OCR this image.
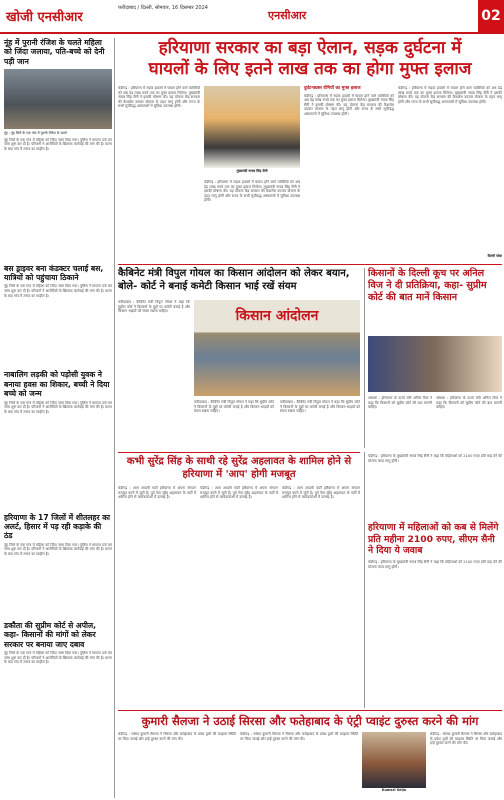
खोजी एनसीआर
फरीदाबाद / दिल्ली, सोमवार, 16 दिसम्बर 2024
एनसीआर	02
नूंह में पुरानी रंजिश के चलते महिला को जिंदा जलाया, पति-बच्चे को देनी पड़ी जान
नूंह : नूंह जिले के एक गांव में पुरानी रंजिश के चलते
नूंह जिले के एक गांव में महिला को जिंदा जला दिया गया। पुलिस ने मामला दर्ज कर जांच शुरू कर दी है। परिजनों ने आरोपियों के खिलाफ कार्रवाई की मांग की है। घटना के बाद गांव में तनाव का माहौल है।
बस ड्राइवर बना कंडक्टर चलाई बस, यात्रियों को पहुंचाया ठिकाने
नूंह जिले के एक गांव में महिला को जिंदा जला दिया गया। पुलिस ने मामला दर्ज कर जांच शुरू कर दी है। परिजनों ने आरोपियों के खिलाफ कार्रवाई की मांग की है। घटना के बाद गांव में तनाव का माहौल है।
नाबालिग लड़की को पड़ोसी युवक ने बनाया हवस का शिकार, बच्ची ने दिया बच्चे को जन्म
नूंह जिले के एक गांव में महिला को जिंदा जला दिया गया। पुलिस ने मामला दर्ज कर जांच शुरू कर दी है। परिजनों ने आरोपियों के खिलाफ कार्रवाई की मांग की है। घटना के बाद गांव में तनाव का माहौल है।
हरियाणा के 17 जिलों में शीतलहर का अलर्ट, हिसार में पड़ रही कड़ाके की ठंड
नूंह जिले के एक गांव में महिला को जिंदा जला दिया गया। पुलिस ने मामला दर्ज कर जांच शुरू कर दी है। परिजनों ने आरोपियों के खिलाफ कार्रवाई की मांग की है। घटना के बाद गांव में तनाव का माहौल है।
डकौता की सुप्रीम कोर्ट से अपील, कहा- किसानों की मांगों को लेकर सरकार पर बनाया जाए दबाव
नूंह जिले के एक गांव में महिला को जिंदा जला दिया गया। पुलिस ने मामला दर्ज कर जांच शुरू कर दी है। परिजनों ने आरोपियों के खिलाफ कार्रवाई की मांग की है। घटना के बाद गांव में तनाव का माहौल है।
हरियाणा सरकार का बड़ा ऐलान, सड़क दुर्घटना में
घायलों के लिए इतने लाख तक का होगा मुफ्त इलाज
चंडीगढ़ : हरियाणा में सड़क हादसों में घायल होने वाले व्यक्तियों को अब डेढ़ लाख रुपये तक का मुफ्त इलाज मिलेगा। मुख्यमंत्री नायब सिंह सैनी ने इसकी घोषणा की। यह योजना केंद्र सरकार की कैशलेस उपचार योजना के तहत लागू होगी और राज्य के सभी सूचीबद्ध अस्पतालों में सुविधा उपलब्ध होगी।
मुख्यमंत्री नायब सिंह सैनी
चंडीगढ़ : हरियाणा में सड़क हादसों में घायल होने वाले व्यक्तियों को अब डेढ़ लाख रुपये तक का मुफ्त इलाज मिलेगा। मुख्यमंत्री नायब सिंह सैनी ने इसकी घोषणा की। यह योजना केंद्र सरकार की कैशलेस उपचार योजना के तहत लागू होगी और राज्य के सभी सूचीबद्ध अस्पतालों में सुविधा उपलब्ध होगी।
दुर्घटनाग्रस्त रोगियों का मुफ्त इलाज
चंडीगढ़ : हरियाणा में सड़क हादसों में घायल होने वाले व्यक्तियों को अब डेढ़ लाख रुपये तक का मुफ्त इलाज मिलेगा। मुख्यमंत्री नायब सिंह सैनी ने इसकी घोषणा की। यह योजना केंद्र सरकार की कैशलेस उपचार योजना के तहत लागू होगी और राज्य के सभी सूचीबद्ध अस्पतालों में सुविधा उपलब्ध होगी।
चंडीगढ़ : हरियाणा में सड़क हादसों में घायल होने वाले व्यक्तियों को अब डेढ़ लाख रुपये तक का मुफ्त इलाज मिलेगा। मुख्यमंत्री नायब सिंह सैनी ने इसकी घोषणा की। यह योजना केंद्र सरकार की कैशलेस उपचार योजना के तहत लागू होगी और राज्य के सभी सूचीबद्ध अस्पतालों में सुविधा उपलब्ध होगी।
दिल्ली पोस्ट
कैबिनेट मंत्री विपुल गोयल का किसान आंदोलन को लेकर बयान, बोले- कोर्ट ने बनाई कमेटी किसान भाई रखें संयम
फरीदाबाद : कैबिनेट मंत्री विपुल गोयल ने कहा कि सुप्रीम कोर्ट ने किसानों के मुद्दों पर कमेटी बनाई है और किसान भाइयों को संयम रखना चाहिए।	किसान आंदोलन
फरीदाबाद : कैबिनेट मंत्री विपुल गोयल ने कहा कि सुप्रीम कोर्ट ने किसानों के मुद्दों पर कमेटी बनाई है और किसान भाइयों को संयम रखना चाहिए।
फरीदाबाद : कैबिनेट मंत्री विपुल गोयल ने कहा कि सुप्रीम कोर्ट ने किसानों के मुद्दों पर कमेटी बनाई है और किसान भाइयों को संयम रखना चाहिए।
किसानों के दिल्ली कूच पर अनिल विज ने दी प्रतिक्रिया, कहा- सुप्रीम कोर्ट की बात मानें किसान
अंबाला : हरियाणा के ऊर्जा मंत्री अनिल विज ने कहा कि किसानों को सुप्रीम कोर्ट की बात माननी चाहिए।
अंबाला : हरियाणा के ऊर्जा मंत्री अनिल विज ने कहा कि किसानों को सुप्रीम कोर्ट की बात माननी चाहिए।
कभी सुरेंद्र सिंह के साथी रहे सुरेंद्र अहलावत के शामिल होने से हरियाणा में 'आप' होगी मजबूत
चंडीगढ़ : आम आदमी पार्टी हरियाणा में अपना संगठन मजबूत करने में जुटी है। पूर्व नेता सुरेंद्र अहलावत के पार्टी में शामिल होने से कार्यकर्ताओं में उत्साह है।
चंडीगढ़ : आम आदमी पार्टी हरियाणा में अपना संगठन मजबूत करने में जुटी है। पूर्व नेता सुरेंद्र अहलावत के पार्टी में शामिल होने से कार्यकर्ताओं में उत्साह है।
चंडीगढ़ : आम आदमी पार्टी हरियाणा में अपना संगठन मजबूत करने में जुटी है। पूर्व नेता सुरेंद्र अहलावत के पार्टी में शामिल होने से कार्यकर्ताओं में उत्साह है।
चंडीगढ़ : हरियाणा के मुख्यमंत्री नायब सिंह सैनी ने कहा कि महिलाओं को 2100 रुपए प्रति माह देने की योजना जल्द लागू होगी।
हरियाणा में महिलाओं को कब से मिलेंगे प्रति महीना 2100 रुपए, सीएम सैनी ने दिया ये जवाब
चंडीगढ़ : हरियाणा के मुख्यमंत्री नायब सिंह सैनी ने कहा कि महिलाओं को 2100 रुपए प्रति माह देने की योजना जल्द लागू होगी।
कुमारी सैलजा ने उठाई सिरसा और फतेहाबाद के एंट्री प्वाइंट दुरुस्त करने की मांग
चंडीगढ़ : सांसद कुमारी सैलजा ने सिरसा और फतेहाबाद के प्रवेश द्वारों की बदहाल स्थिति पर चिंता जताई और इन्हें दुरुस्त करने की मांग की।
चंडीगढ़ : सांसद कुमारी सैलजा ने सिरसा और फतेहाबाद के प्रवेश द्वारों की बदहाल स्थिति पर चिंता जताई और इन्हें दुरुस्त करने की मांग की।
Kumari Selja
चंडीगढ़ : सांसद कुमारी सैलजा ने सिरसा और फतेहाबाद के प्रवेश द्वारों की बदहाल स्थिति पर चिंता जताई और इन्हें दुरुस्त करने की मांग की।
